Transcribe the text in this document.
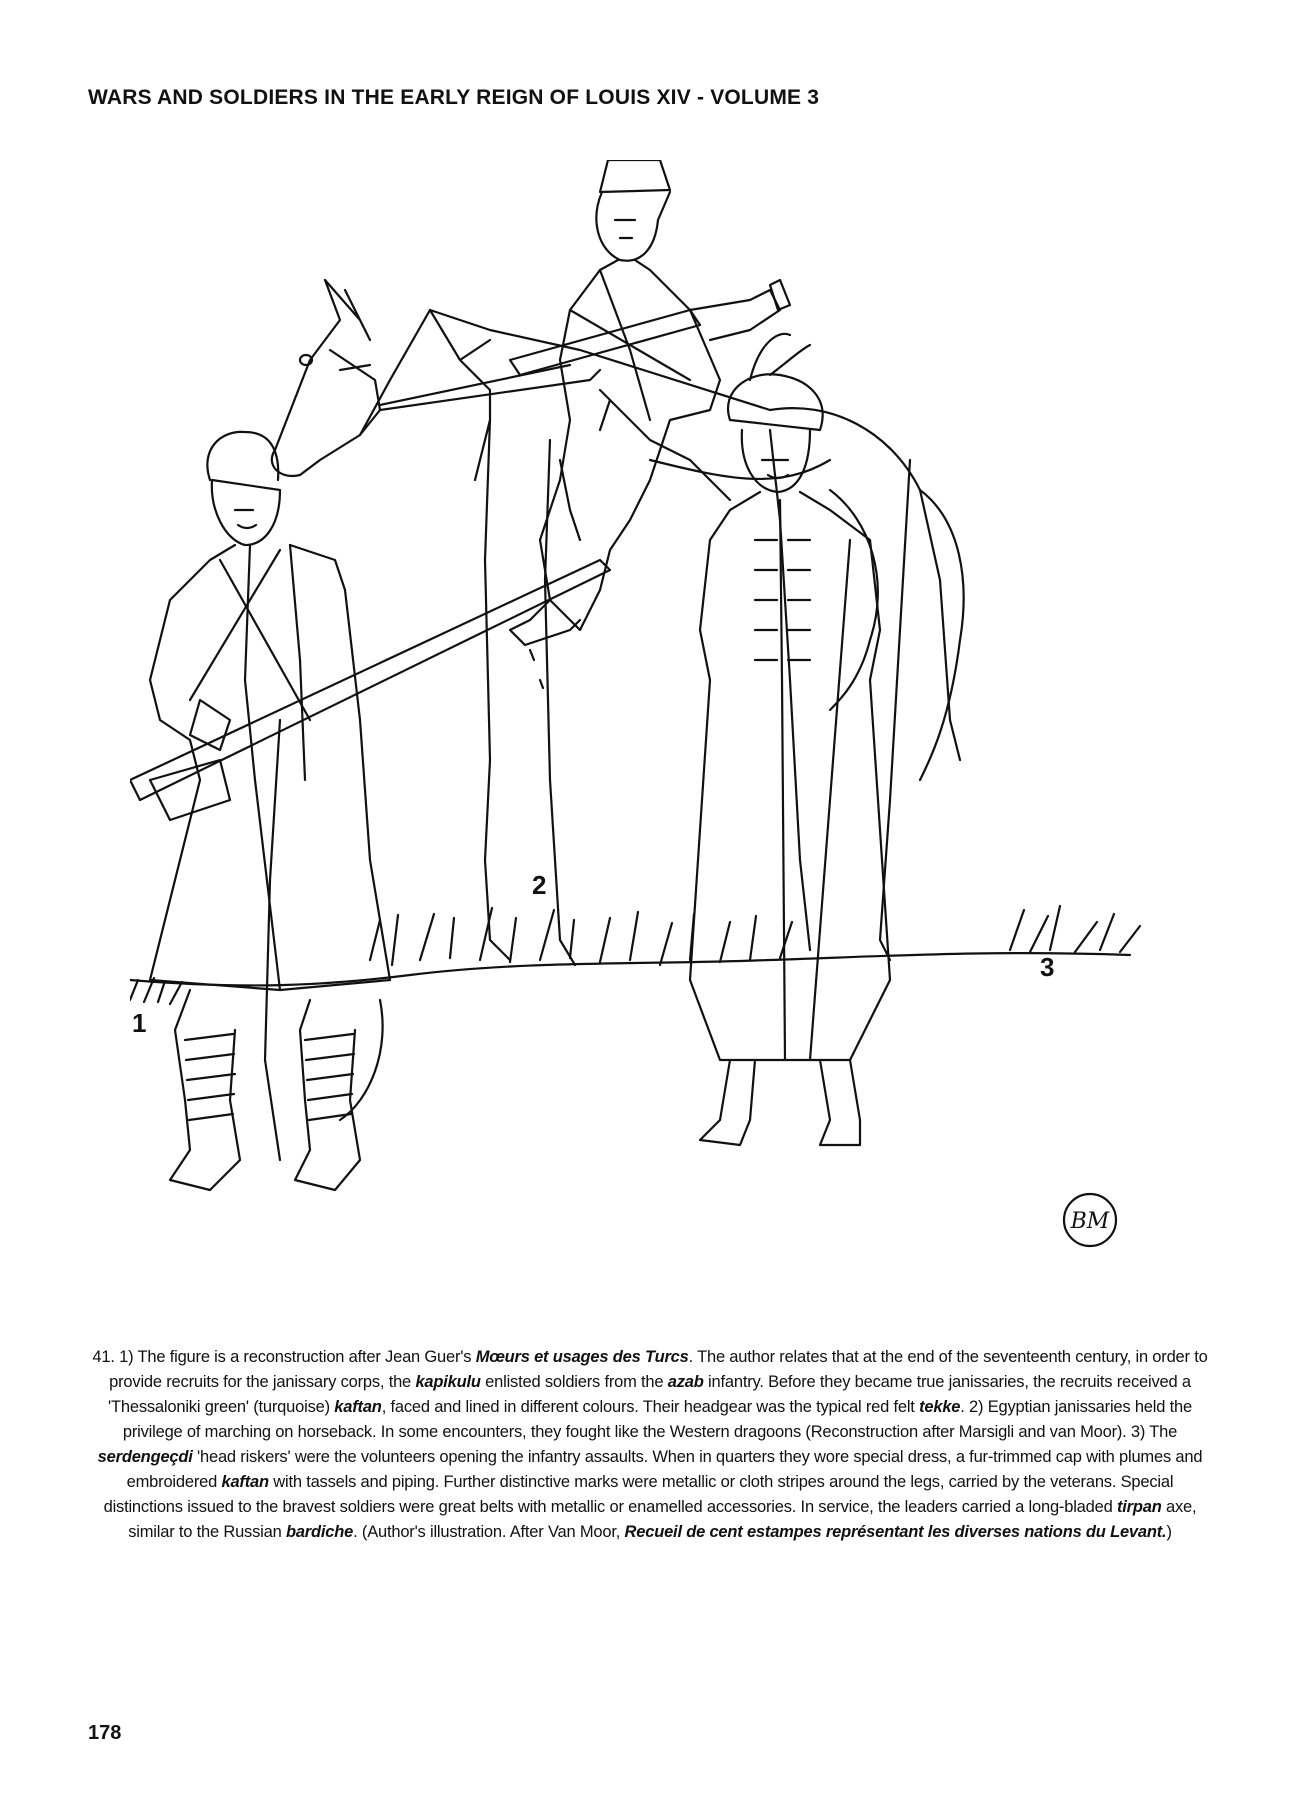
WARS AND SOLDIERS IN THE EARLY REIGN OF LOUIS XIV - VOLUME 3
BM
1
2
3
41. 1) The figure is a reconstruction after Jean Guer's Mœurs et usages des Turcs. The author relates that at the end of the seventeenth century, in order to provide recruits for the janissary corps, the kapikulu enlisted soldiers from the azab infantry. Before they became true janissaries, the recruits received a 'Thessaloniki green' (turquoise) kaftan, faced and lined in different colours. Their headgear was the typical red felt tekke. 2) Egyptian janissaries held the privilege of marching on horseback. In some encounters, they fought like the Western dragoons (Reconstruction after Marsigli and van Moor). 3) The serdengeçdi 'head riskers' were the volunteers opening the infantry assaults. When in quarters they wore special dress, a fur-trimmed cap with plumes and embroidered kaftan with tassels and piping. Further distinctive marks were metallic or cloth stripes around the legs, carried by the veterans. Special distinctions issued to the bravest soldiers were great belts with metallic or enamelled accessories. In service, the leaders carried a long-bladed tirpan axe, similar to the Russian bardiche. (Author's illustration. After Van Moor, Recueil de cent estampes représentant les diverses nations du Levant.)
178
